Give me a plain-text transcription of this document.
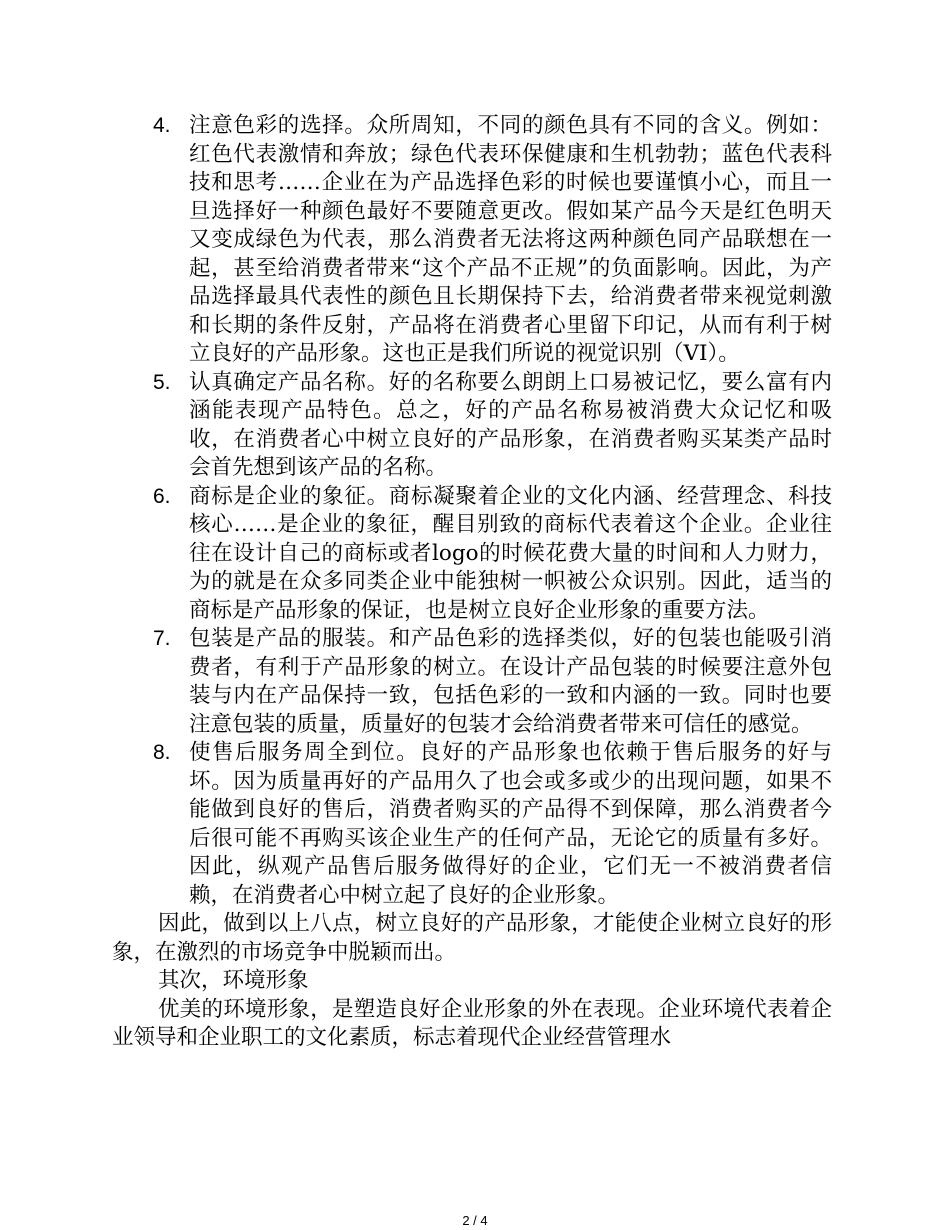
4. 注意色彩的选择。众所周知，不同的颜色具有不同的含义。例如：红色代表激情和奔放；绿色代表环保健康和生机勃勃；蓝色代表科技和思考……企业在为产品选择色彩的时候也要谨慎小心，而且一旦选择好一种颜色最好不要随意更改。假如某产品今天是红色明天又变成绿色为代表，那么消费者无法将这两种颜色同产品联想在一起，甚至给消费者带来“这个产品不正规”的负面影响。因此，为产品选择最具代表性的颜色且长期保持下去，给消费者带来视觉刺激和长期的条件反射，产品将在消费者心里留下印记，从而有利于树立良好的产品形象。这也正是我们所说的视觉识别（VI）。
5. 认真确定产品名称。好的名称要么朗朗上口易被记忆，要么富有内涵能表现产品特色。总之，好的产品名称易被消费大众记忆和吸收，在消费者心中树立良好的产品形象，在消费者购买某类产品时会首先想到该产品的名称。
6. 商标是企业的象征。商标凝聚着企业的文化内涵、经营理念、科技核心……是企业的象征，醒目别致的商标代表着这个企业。企业往往在设计自己的商标或者logo的时候花费大量的时间和人力财力，为的就是在众多同类企业中能独树一帜被公众识别。因此，适当的商标是产品形象的保证，也是树立良好企业形象的重要方法。
7. 包装是产品的服装。和产品色彩的选择类似，好的包装也能吸引消费者，有利于产品形象的树立。在设计产品包装的时候要注意外包装与内在产品保持一致，包括色彩的一致和内涵的一致。同时也要注意包装的质量，质量好的包装才会给消费者带来可信任的感觉。
8. 使售后服务周全到位。良好的产品形象也依赖于售后服务的好与坏。因为质量再好的产品用久了也会或多或少的出现问题，如果不能做到良好的售后，消费者购买的产品得不到保障，那么消费者今后很可能不再购买该企业生产的任何产品，无论它的质量有多好。因此，纵观产品售后服务做得好的企业，它们无一不被消费者信赖，在消费者心中树立起了良好的企业形象。

因此，做到以上八点，树立良好的产品形象，才能使企业树立良好的形象，在激烈的市场竞争中脱颖而出。

其次，环境形象

优美的环境形象，是塑造良好企业形象的外在表现。企业环境代表着企业领导和企业职工的文化素质，标志着现代企业经营管理水

2 / 4
